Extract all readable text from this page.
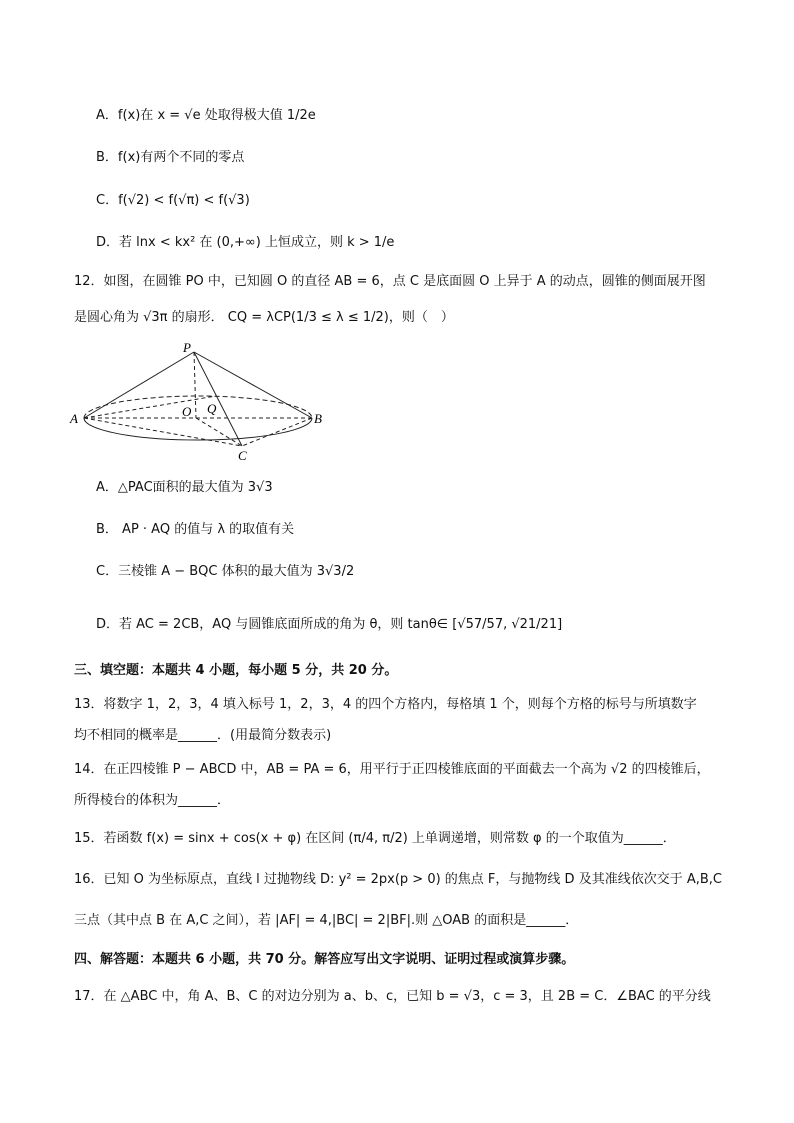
A．f(x)在 x = √e 处取得极大值 1/2e
B．f(x)有两个不同的零点
C．f(√2) < f(√π) < f(√3)
D．若 lnx < kx² 在 (0,+∞) 上恒成立，则 k > 1/e
12．如图，在圆锥 PO 中，已知圆 O 的直径 AB = 6，点 C 是底面圆 O 上异于 A 的动点，圆锥的侧面展开图
是圆心角为 √3π 的扇形． CQ = λCP(1/3 ≤ λ ≤ 1/2)，则（　）
P
A	B
O Q
C
A．△PAC面积的最大值为 3√3
B． AP · AQ 的值与 λ 的取值有关
C．三棱锥 A − BQC 体积的最大值为 3√3/2
D．若 AC = 2CB，AQ 与圆锥底面所成的角为 θ，则 tanθ∈ [√57/57, √21/21]
三、填空题：本题共 4 小题，每小题 5 分，共 20 分。
13．将数字 1，2，3，4 填入标号 1，2，3，4 的四个方格内，每格填 1 个，则每个方格的标号与所填数字
均不相同的概率是______．(用最简分数表示)
14．在正四棱锥 P − ABCD 中，AB = PA = 6，用平行于正四棱锥底面的平面截去一个高为 √2 的四棱锥后，
所得棱台的体积为______．
15．若函数 f(x) = sinx + cos(x + φ) 在区间 (π/4, π/2) 上单调递增，则常数 φ 的一个取值为______．
16．已知 O 为坐标原点，直线 l 过抛物线 D: y² = 2px(p > 0) 的焦点 F，与抛物线 D 及其准线依次交于 A,B,C
三点（其中点 B 在 A,C 之间），若 |AF| = 4,|BC| = 2|BF|.则 △OAB 的面积是______．
四、解答题：本题共 6 小题，共 70 分。解答应写出文字说明、证明过程或演算步骤。
17．在 △ABC 中，角 A、B、C 的对边分别为 a、b、c，已知 b = √3，c = 3，且 2B = C．∠BAC 的平分线
